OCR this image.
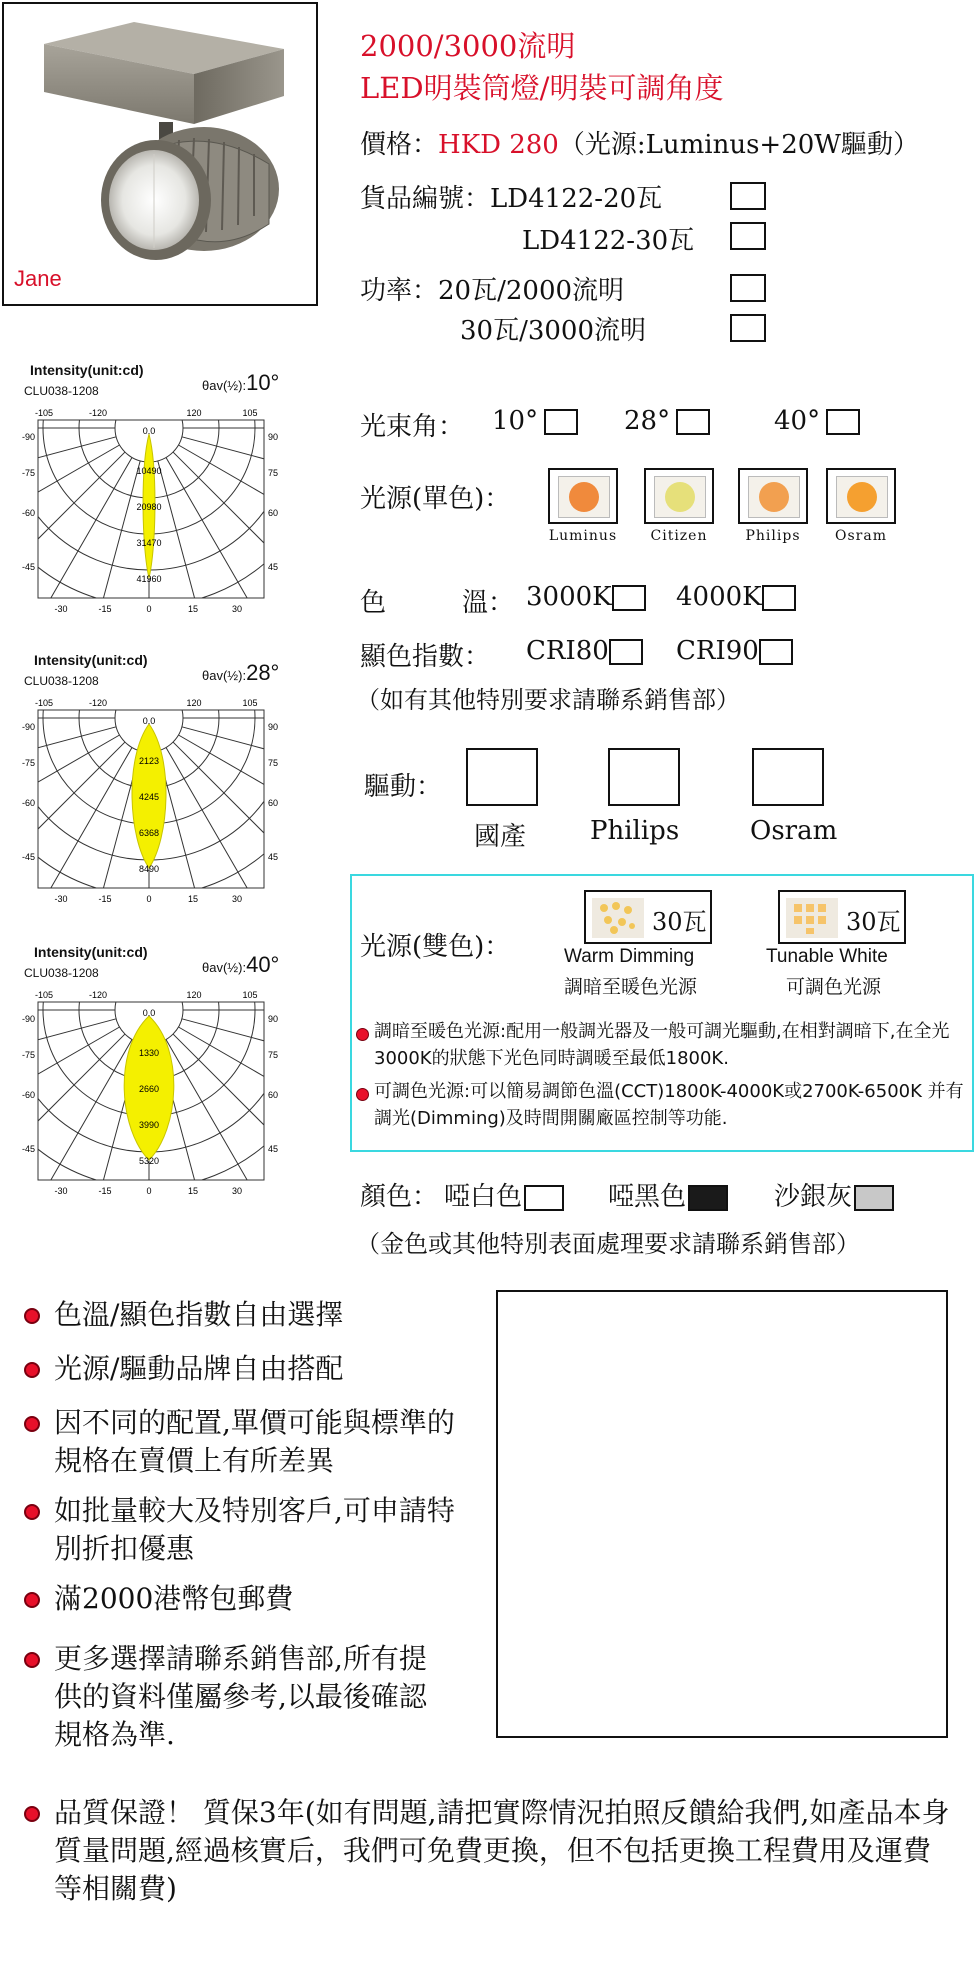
Jane
2000/3000流明
LED明裝筒燈/明裝可調角度
價格：HKD 280（光源:Luminus+20W驅動）
貨品編號：LD4122-20瓦
LD4122-30瓦
功率：20瓦/2000流明
30瓦/3000流明
Intensity(unit:cd)
CLU038-1208	θav(½):10°
0.0
10490
20980
31470
41960
-105	-120	120	105
-90
-75
-60
-45
90
75
60
45
-30	-15	0	15	30
Intensity(unit:cd)
CLU038-1208	θav(½):28°
0.0
2123
4245
6368
8490
-105	-120	120	105
-90
-75
-60
-45
90
75
60
45
-30	-15	0	15	30
Intensity(unit:cd)
CLU038-1208	θav(½):40°
0.0
1330
2660
3990
5320
-105	-120	120	105
-90
-75
-60
-45
90
75
60
45
-30	-15	0	15	30
光束角： 10°	28°	40°
光源(單色)：
Luminus	Citizen	Philips	Osram
色	溫： 3000K	4000K
顯色指數： CRI80	CRI90
（如有其他特別要求請聯系銷售部）
驅動：
國產 Philips	Osram
光源(雙色)：
30瓦
Warm Dimming
調暗至暖色光源
30瓦
Tunable White
可調色光源
調暗至暖色光源:配用一般調光器及一般可調光驅動,在相對調暗下,在全光3000K的狀態下光色同時調暖至最低1800K.
可調色光源:可以簡易調節色溫(CCT)1800K-4000K或2700K-6500K 并有調光(Dimming)及時間開關廠區控制等功能.
顏色： 啞白色	啞黑色	沙銀灰
（金色或其他特別表面處理要求請聯系銷售部）
色溫/顯色指數自由選擇
光源/驅動品牌自由搭配
因不同的配置,單價可能與標準的規格在賣價上有所差異
如批量較大及特別客戶,可申請特別折扣優惠
滿2000港幣包郵費
更多選擇請聯系銷售部,所有提供的資料僅屬參考,以最後確認規格為準.
品質保證！ 質保3年(如有問題,請把實際情況拍照反饋給我們,如產品本身質量問題,經過核實后，我們可免費更換，但不包括更換工程費用及運費等相關費)
